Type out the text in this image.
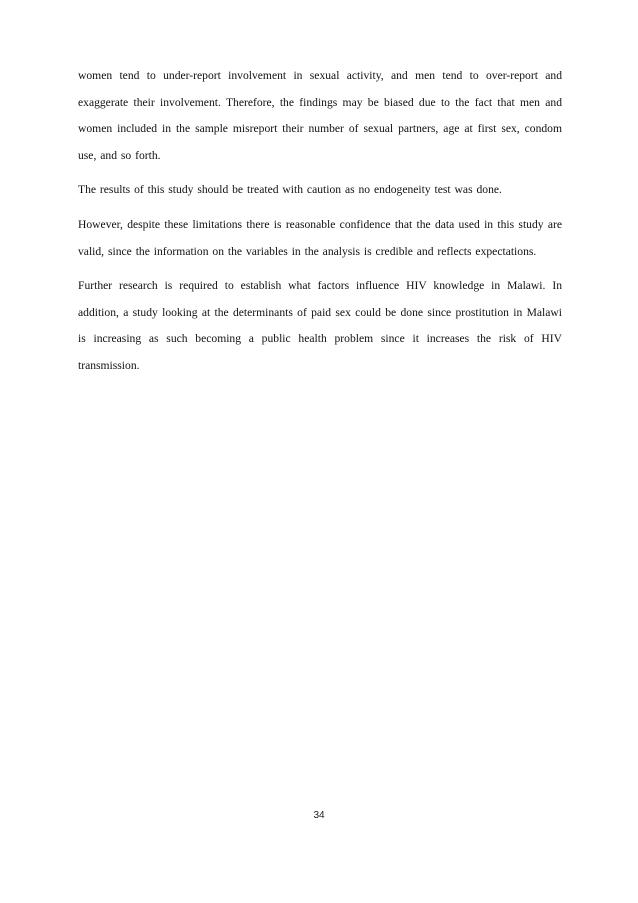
women tend to under-report involvement in sexual activity, and men tend to over-report and exaggerate their involvement. Therefore, the findings may be biased due to the fact that men and women included in the sample misreport their number of sexual partners, age at first sex, condom use, and so forth.

The results of this study should be treated with caution as no endogeneity test was done.

However, despite these limitations there is reasonable confidence that the data used in this study are valid, since the information on the variables in the analysis is credible and reflects expectations.

Further research is required to establish what factors influence HIV knowledge in Malawi. In addition, a study looking at the determinants of paid sex could be done since prostitution in Malawi is increasing as such becoming a public health problem since it increases the risk of HIV transmission.

34
